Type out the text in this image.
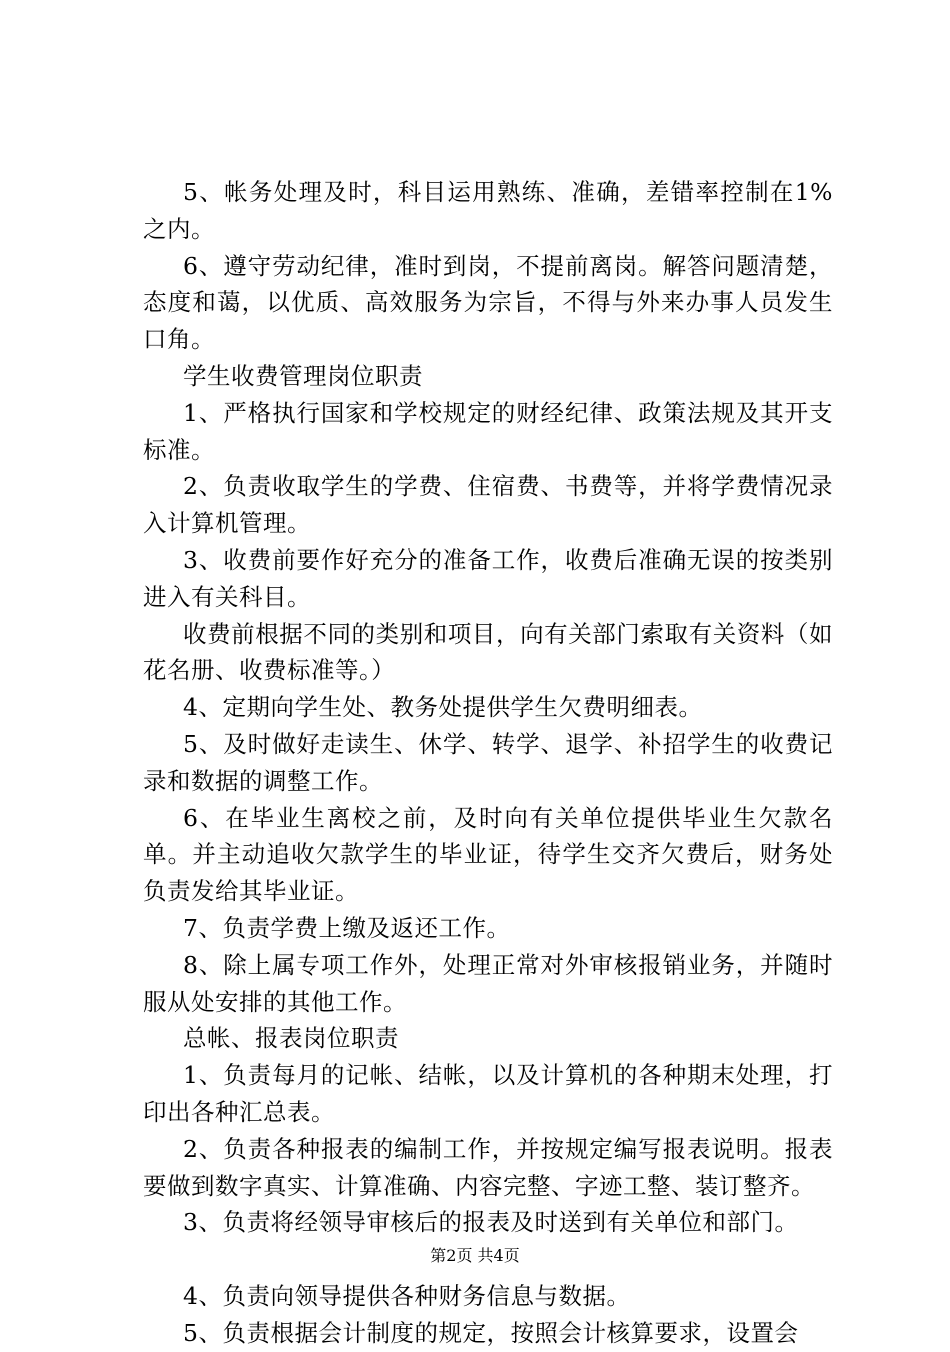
5、帐务处理及时，科目运用熟练、准确，差错率控制在1%之内。

6、遵守劳动纪律，准时到岗，不提前离岗。解答问题清楚，态度和蔼，以优质、高效服务为宗旨，不得与外来办事人员发生口角。

学生收费管理岗位职责

1、严格执行国家和学校规定的财经纪律、政策法规及其开支标准。

2、负责收取学生的学费、住宿费、书费等，并将学费情况录入计算机管理。

3、收费前要作好充分的准备工作，收费后准确无误的按类别进入有关科目。

收费前根据不同的类别和项目，向有关部门索取有关资料（如花名册、收费标准等。）

4、定期向学生处、教务处提供学生欠费明细表。

5、及时做好走读生、休学、转学、退学、补招学生的收费记录和数据的调整工作。

6、在毕业生离校之前，及时向有关单位提供毕业生欠款名单。并主动追收欠款学生的毕业证，待学生交齐欠费后，财务处负责发给其毕业证。

7、负责学费上缴及返还工作。

8、除上属专项工作外，处理正常对外审核报销业务，并随时服从处安排的其他工作。

总帐、报表岗位职责

1、负责每月的记帐、结帐，以及计算机的各种期末处理，打印出各种汇总表。

2、负责各种报表的编制工作，并按规定编写报表说明。报表要做到数字真实、计算准确、内容完整、字迹工整、装订整齐。

3、负责将经领导审核后的报表及时送到有关单位和部门。

4、负责向领导提供各种财务信息与数据。

5、负责根据会计制度的规定，按照会计核算要求，设置会

第2页 共4页
